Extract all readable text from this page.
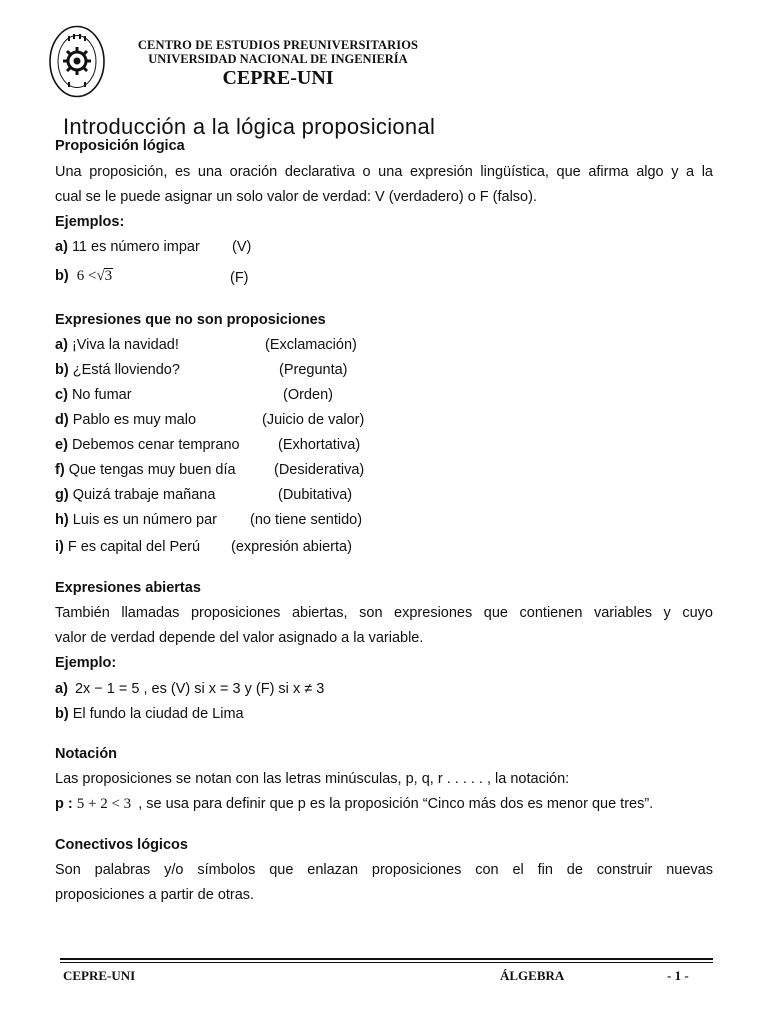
CENTRO DE ESTUDIOS PREUNIVERSITARIOS
UNIVERSIDAD NACIONAL DE INGENIERÍA
CEPRE-UNI
Introducción a la lógica proposicional
Proposición lógica
Una proposición, es una oración declarativa o una expresión lingüística, que afirma algo y a la
cual se le puede asignar un solo valor de verdad: V (verdadero) o F (falso).
Ejemplos:
a) 11 es número impar (V)
b) 6 <√3	(F)
Expresiones que no son proposiciones
a) ¡Viva la navidad!	(Exclamación)
b) ¿Está lloviendo?	(Pregunta)
c) No fumar	(Orden)
d) Pablo es muy malo	(Juicio de valor)
e) Debemos cenar temprano	(Exhortativa)
f) Que tengas muy buen día	(Desiderativa)
g) Quizá trabaje mañana	(Dubitativa)
h) Luis es un número par (no tiene sentido)
i) F es capital del Perú (expresión abierta)
Expresiones abiertas
También llamadas proposiciones abiertas, son expresiones que contienen variables y cuyo
valor de verdad depende del valor asignado a la variable.
Ejemplo:
a) 2x − 1 = 5 , es (V) si x = 3 y (F) si x ≠ 3
b) El fundo la ciudad de Lima
Notación
Las proposiciones se notan con las letras minúsculas, p, q, r . . . . . , la notación:
p : 5 + 2 < 3 , se usa para definir que p es la proposición “Cinco más dos es menor que tres”.
Conectivos lógicos
Son palabras y/o símbolos que enlazan proposiciones con el fin de construir nuevas
proposiciones a partir de otras.
CEPRE-UNI	ÁLGEBRA	- 1 -
